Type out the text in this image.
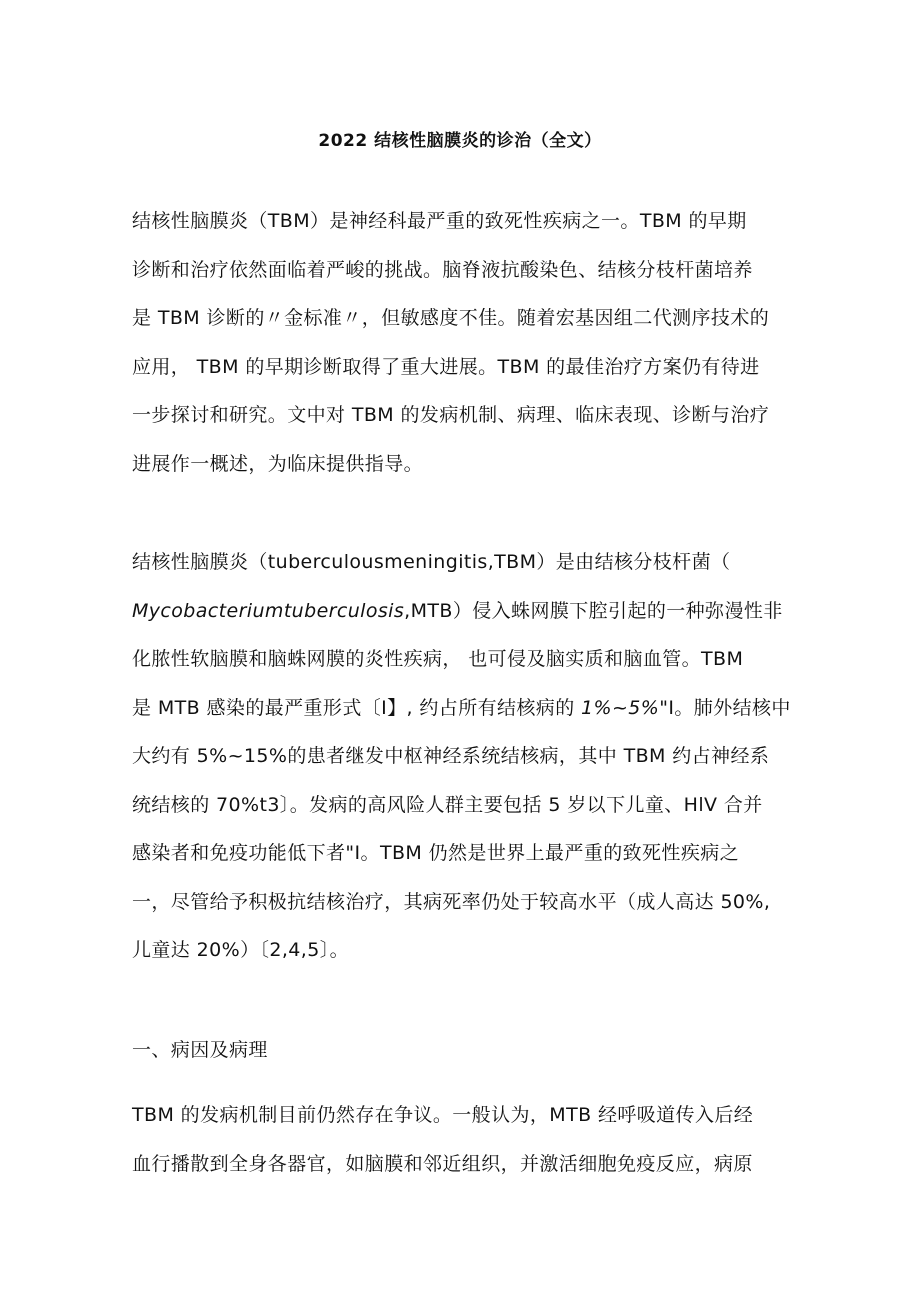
2022 结核性脑膜炎的诊治（全文）
结核性脑膜炎（TBM）是神经科最严重的致死性疾病之一。TBM 的早期
诊断和治疗依然面临着严峻的挑战。脑脊液抗酸染色、结核分枝杆菌培养
是 TBM 诊断的〃金标准〃，但敏感度不佳。随着宏基因组二代测序技术的
应用， TBM 的早期诊断取得了重大进展。TBM 的最佳治疗方案仍有待进
一步探讨和研究。文中对 TBM 的发病机制、病理、临床表现、诊断与治疗
进展作一概述，为临床提供指导。
结核性脑膜炎（tuberculousmeningitis,TBM）是由结核分枝杆菌（
Mycobacteriumtuberculosis,MTB）侵入蛛网膜下腔引起的一种弥漫性非
化脓性软脑膜和脑蛛网膜的炎性疾病， 也可侵及脑实质和脑血管。TBM
是 MTB 感染的最严重形式〔I】, 约占所有结核病的 1%~5%"I。肺外结核中
大约有 5%~15%的患者继发中枢神经系统结核病，其中 TBM 约占神经系
统结核的 70%t3〕。发病的高风险人群主要包括 5 岁以下儿童、HlV 合并
感染者和免疫功能低下者"I。TBM 仍然是世界上最严重的致死性疾病之
一，尽管给予积极抗结核治疗，其病死率仍处于较高水平（成人高达 50%,
儿童达 20%）〔2,4,5〕。
一、病因及病理
TBM 的发病机制目前仍然存在争议。一般认为，MTB 经呼吸道传入后经
血行播散到全身各器官，如脑膜和邻近组织，并激活细胞免疫反应，病原
